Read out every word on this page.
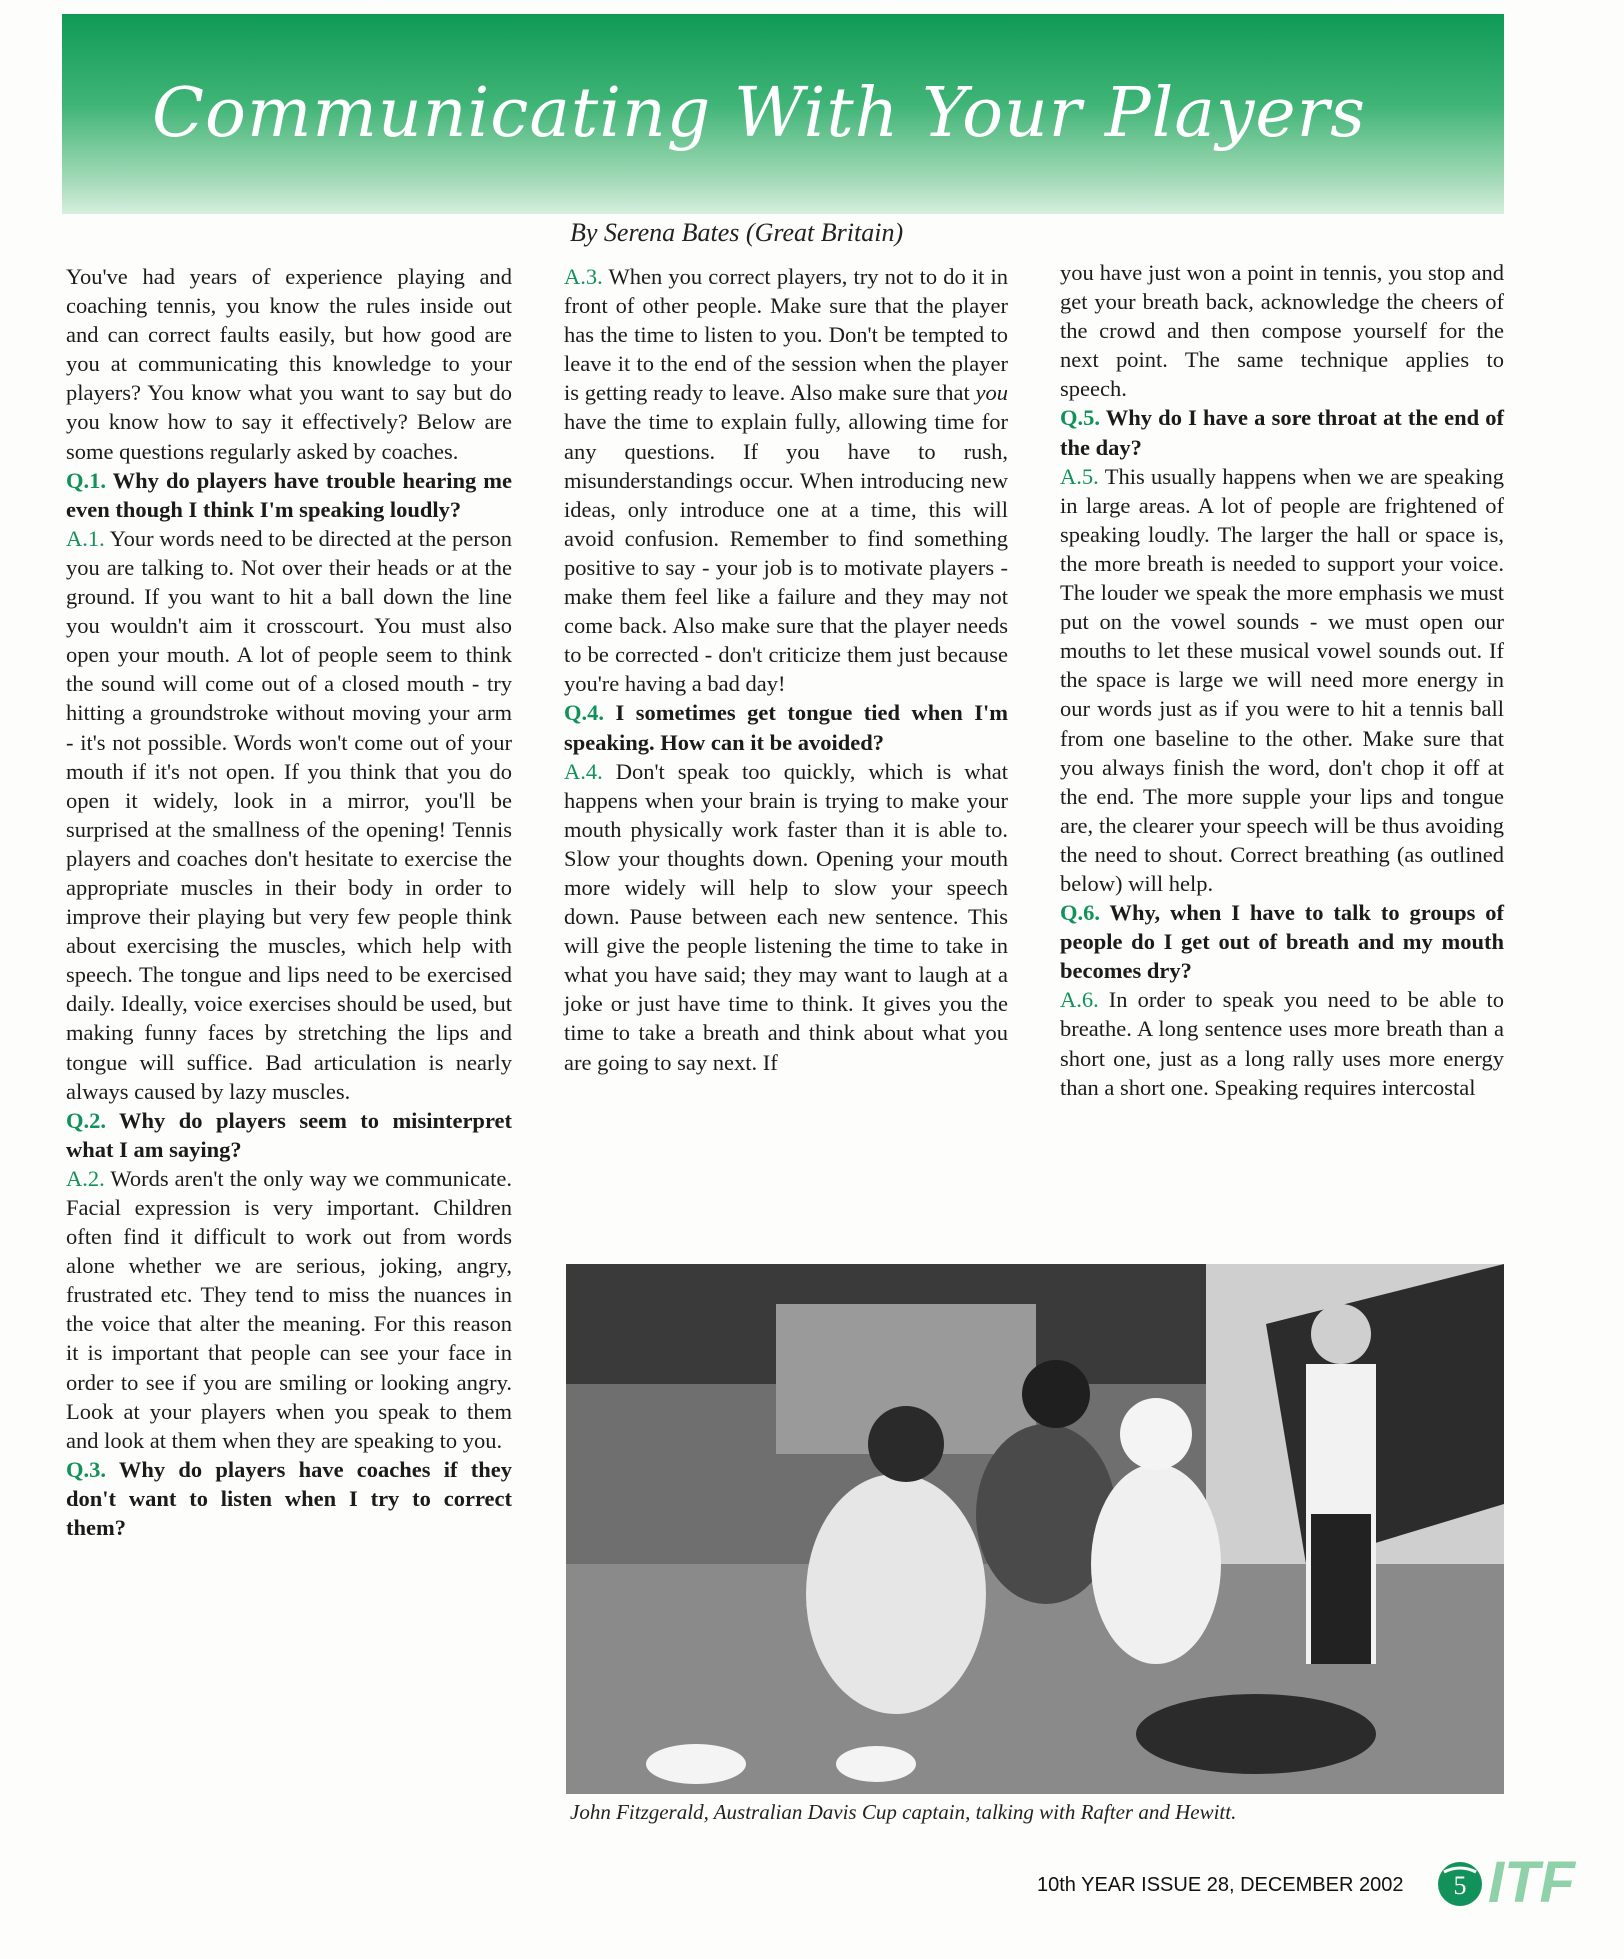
Communicating With Your Players

By Serena Bates (Great Britain)

You've had years of experience playing and coaching tennis, you know the rules inside out and can correct faults easily, but how good are you at communicating this knowledge to your players? You know what you want to say but do you know how to say it effectively? Below are some questions regularly asked by coaches.

Q.1. Why do players have trouble hearing me even though I think I'm speaking loudly?

A.1. Your words need to be directed at the person you are talking to. Not over their heads or at the ground. If you want to hit a ball down the line you wouldn't aim it crosscourt. You must also open your mouth. A lot of people seem to think the sound will come out of a closed mouth - try hitting a groundstroke without moving your arm - it's not possible. Words won't come out of your mouth if it's not open. If you think that you do open it widely, look in a mirror, you'll be surprised at the smallness of the opening! Tennis players and coaches don't hesitate to exercise the appropriate muscles in their body in order to improve their playing but very few people think about exercising the muscles, which help with speech. The tongue and lips need to be exercised daily. Ideally, voice exercises should be used, but making funny faces by stretching the lips and tongue will suffice. Bad articulation is nearly always caused by lazy muscles.

Q.2. Why do players seem to misinterpret what I am saying?

A.2. Words aren't the only way we communicate. Facial expression is very important. Children often find it difficult to work out from words alone whether we are serious, joking, angry, frustrated etc. They tend to miss the nuances in the voice that alter the meaning. For this reason it is important that people can see your face in order to see if you are smiling or looking angry. Look at your players when you speak to them and look at them when they are speaking to you.

Q.3. Why do players have coaches if they don't want to listen when I try to correct them?

A.3. When you correct players, try not to do it in front of other people. Make sure that the player has the time to listen to you. Don't be tempted to leave it to the end of the session when the player is getting ready to leave. Also make sure that you have the time to explain fully, allowing time for any questions. If you have to rush, misunderstandings occur. When introducing new ideas, only introduce one at a time, this will avoid confusion. Remember to find something positive to say - your job is to motivate players - make them feel like a failure and they may not come back. Also make sure that the player needs to be corrected - don't criticize them just because you're having a bad day!

Q.4. I sometimes get tongue tied when I'm speaking. How can it be avoided?

A.4. Don't speak too quickly, which is what happens when your brain is trying to make your mouth physically work faster than it is able to. Slow your thoughts down. Opening your mouth more widely will help to slow your speech down. Pause between each new sentence. This will give the people listening the time to take in what you have said; they may want to laugh at a joke or just have time to think. It gives you the time to take a breath and think about what you are going to say next. If

you have just won a point in tennis, you stop and get your breath back, acknowledge the cheers of the crowd and then compose yourself for the next point. The same technique applies to speech.

Q.5. Why do I have a sore throat at the end of the day?

A.5. This usually happens when we are speaking in large areas. A lot of people are frightened of speaking loudly. The larger the hall or space is, the more breath is needed to support your voice. The louder we speak the more emphasis we must put on the vowel sounds - we must open our mouths to let these musical vowel sounds out. If the space is large we will need more energy in our words just as if you were to hit a tennis ball from one baseline to the other. Make sure that you always finish the word, don't chop it off at the end. The more supple your lips and tongue are, the clearer your speech will be thus avoiding the need to shout. Correct breathing (as outlined below) will help.

Q.6. Why, when I have to talk to groups of people do I get out of breath and my mouth becomes dry?

A.6. In order to speak you need to be able to breathe. A long sentence uses more breath than a short one, just as a long rally uses more energy than a short one. Speaking requires intercostal

John Fitzgerald, Australian Davis Cup captain, talking with Rafter and Hewitt.

10th YEAR ISSUE 28, DECEMBER 2002 5 ITF
